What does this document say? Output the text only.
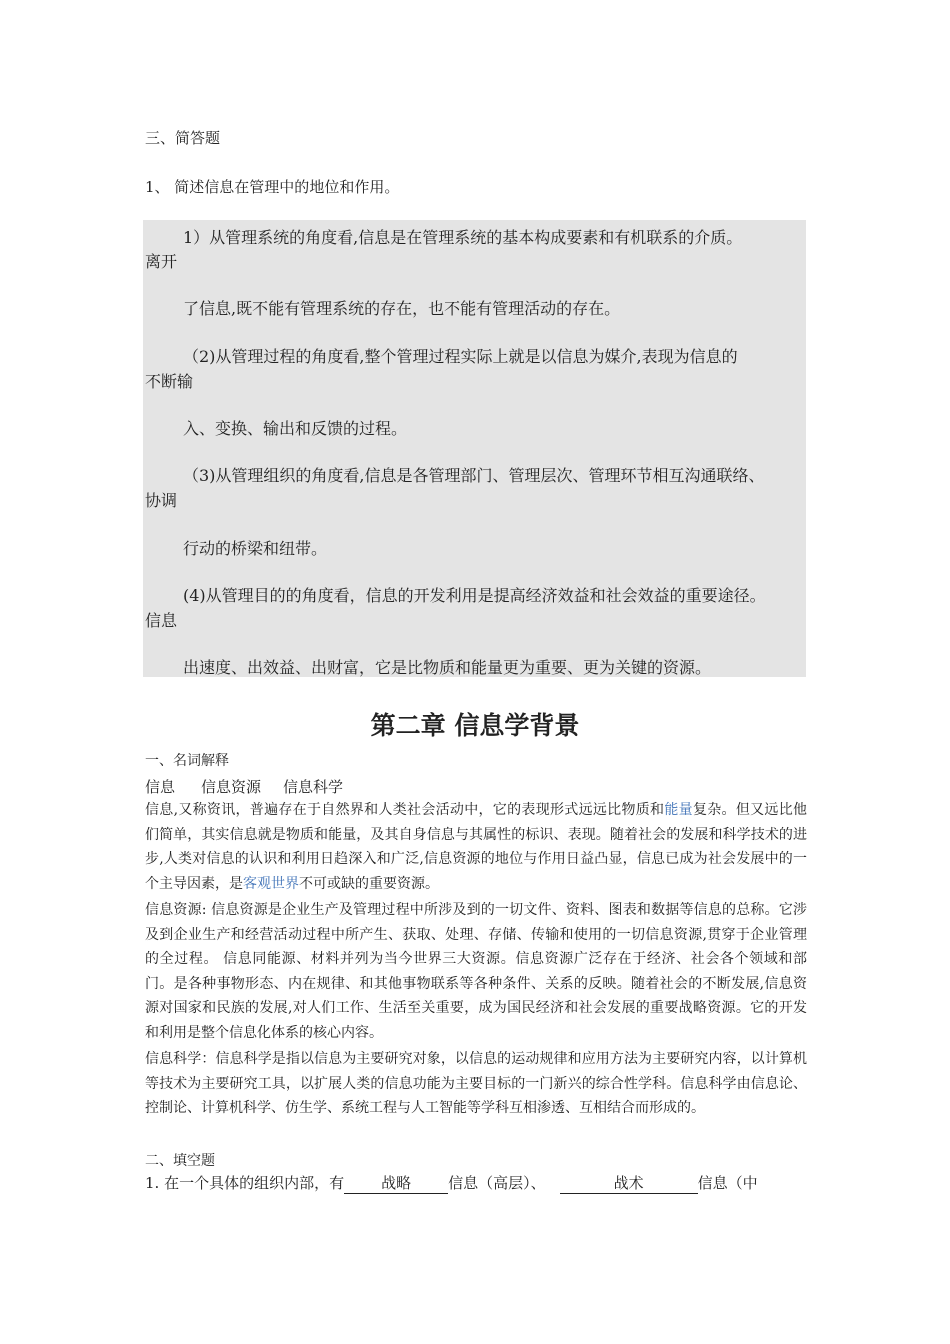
三、简答题
1、 简述信息在管理中的地位和作用。
1）从管理系统的角度看,信息是在管理系统的基本构成要素和有机联系的介质。
离开
了信息,既不能有管理系统的存在，也不能有管理活动的存在。
（2)从管理过程的角度看,整个管理过程实际上就是以信息为媒介,表现为信息的
不断输
入、变换、输出和反馈的过程。
（3)从管理组织的角度看,信息是各管理部门、管理层次、管理环节相互沟通联络、
协调
行动的桥梁和纽带。
(4)从管理目的的角度看，信息的开发利用是提高经济效益和社会效益的重要途径。
信息
出速度、出效益、出财富，它是比物质和能量更为重要、更为关键的资源。
第二章 信息学背景
一、名词解释
信息 信息资源 信息科学
信息,又称资讯，普遍存在于自然界和人类社会活动中，它的表现形式远远比物质和能量复杂。但又远比他们简单，其实信息就是物质和能量，及其自身信息与其属性的标识、表现。随着社会的发展和科学技术的进步,人类对信息的认识和利用日趋深入和广泛,信息资源的地位与作用日益凸显，信息已成为社会发展中的一个主导因素，是客观世界不可或缺的重要资源。
信息资源: 信息资源是企业生产及管理过程中所涉及到的一切文件、资料、图表和数据等信息的总称。它涉及到企业生产和经营活动过程中所产生、获取、处理、存储、传输和使用的一切信息资源,贯穿于企业管理的全过程。 信息同能源、材料并列为当今世界三大资源。信息资源广泛存在于经济、社会各个领域和部门。是各种事物形态、内在规律、和其他事物联系等各种条件、关系的反映。随着社会的不断发展,信息资源对国家和民族的发展,对人们工作、生活至关重要，成为国民经济和社会发展的重要战略资源。它的开发和利用是整个信息化体系的核心内容。
信息科学：信息科学是指以信息为主要研究对象，以信息的运动规律和应用方法为主要研究内容，以计算机等技术为主要研究工具，以扩展人类的信息功能为主要目标的一门新兴的综合性学科。信息科学由信息论、控制论、计算机科学、仿生学、系统工程与人工智能等学科互相渗透、互相结合而形成的。
二、填空题
1. 在一个具体的组织内部，有 战略 信息（高层）、	战术	信息（中
